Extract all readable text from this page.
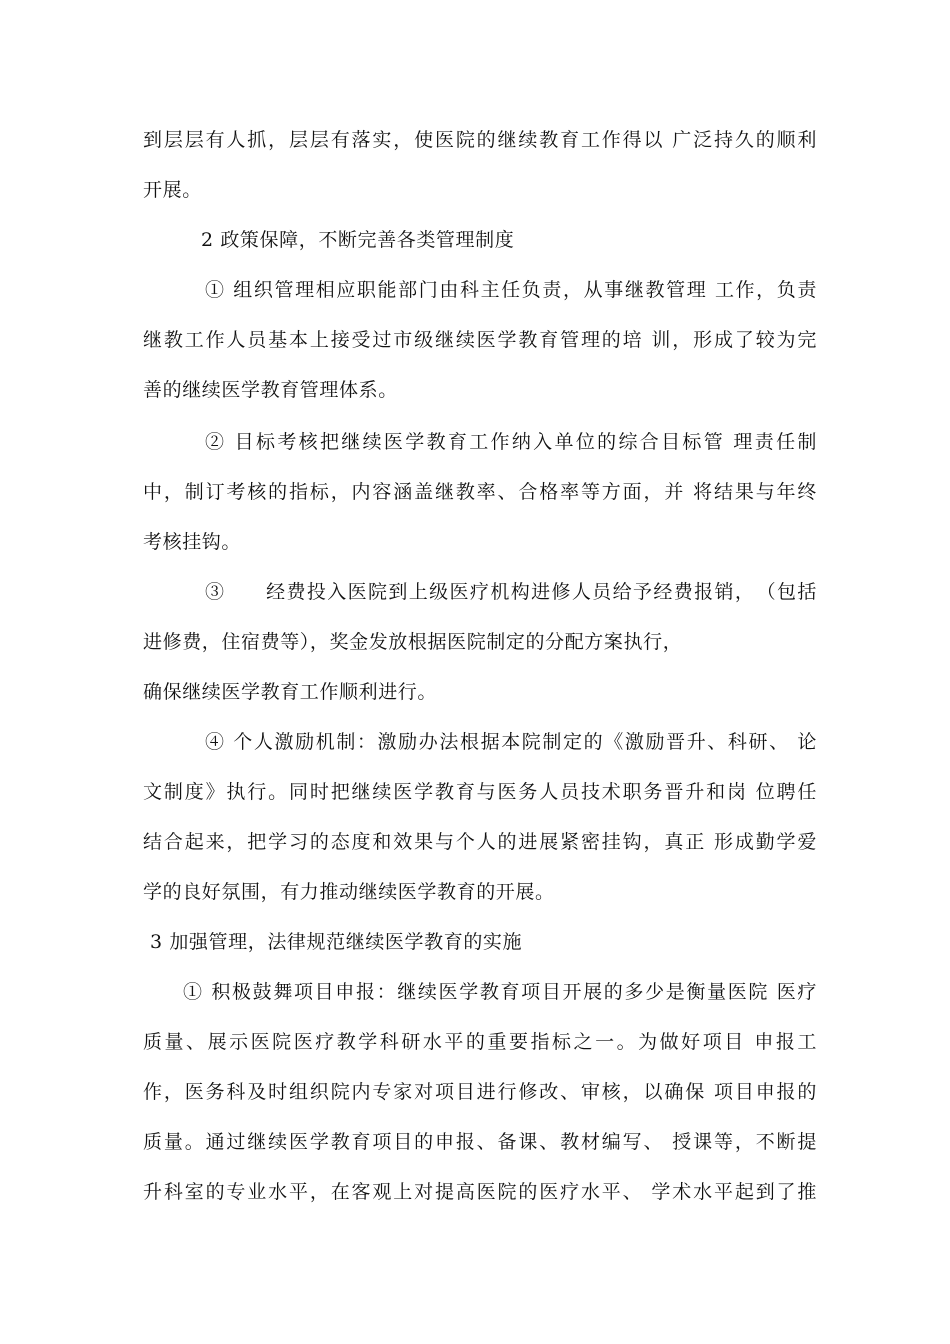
到层层有人抓，层层有落实，使医院的继续教育工作得以 广泛持久的顺利
开展。
2 政策保障，不断完善各类管理制度
① 组织管理相应职能部门由科主任负责，从事继教管理 工作，负责
继教工作人员基本上接受过市级继续医学教育管理的培 训，形成了较为完
善的继续医学教育管理体系。
② 目标考核把继续医学教育工作纳入单位的综合目标管 理责任制
中，制订考核的指标，内容涵盖继教率、合格率等方面，并 将结果与年终
考核挂钩。
③　　经费投入医院到上级医疗机构进修人员给予经费报销，　（包括
进修费，住宿费等），奖金发放根据医院制定的分配方案执行，
确保继续医学教育工作顺利进行。
④ 个人激励机制：激励办法根据本院制定的《激励晋升、科研、 论
文制度》执行。同时把继续医学教育与医务人员技术职务晋升和岗 位聘任
结合起来，把学习的态度和效果与个人的进展紧密挂钩，真正 形成勤学爱
学的良好氛围，有力推动继续医学教育的开展。
3 加强管理，法律规范继续医学教育的实施
① 积极鼓舞项目申报：继续医学教育项目开展的多少是衡量医院 医疗
质量、展示医院医疗教学科研水平的重要指标之一。为做好项目 申报工
作，医务科及时组织院内专家对项目进行修改、审核，以确保 项目申报的
质量。通过继续医学教育项目的申报、备课、教材编写、 授课等，不断提
升科室的专业水平，在客观上对提高医院的医疗水平、 学术水平起到了推
